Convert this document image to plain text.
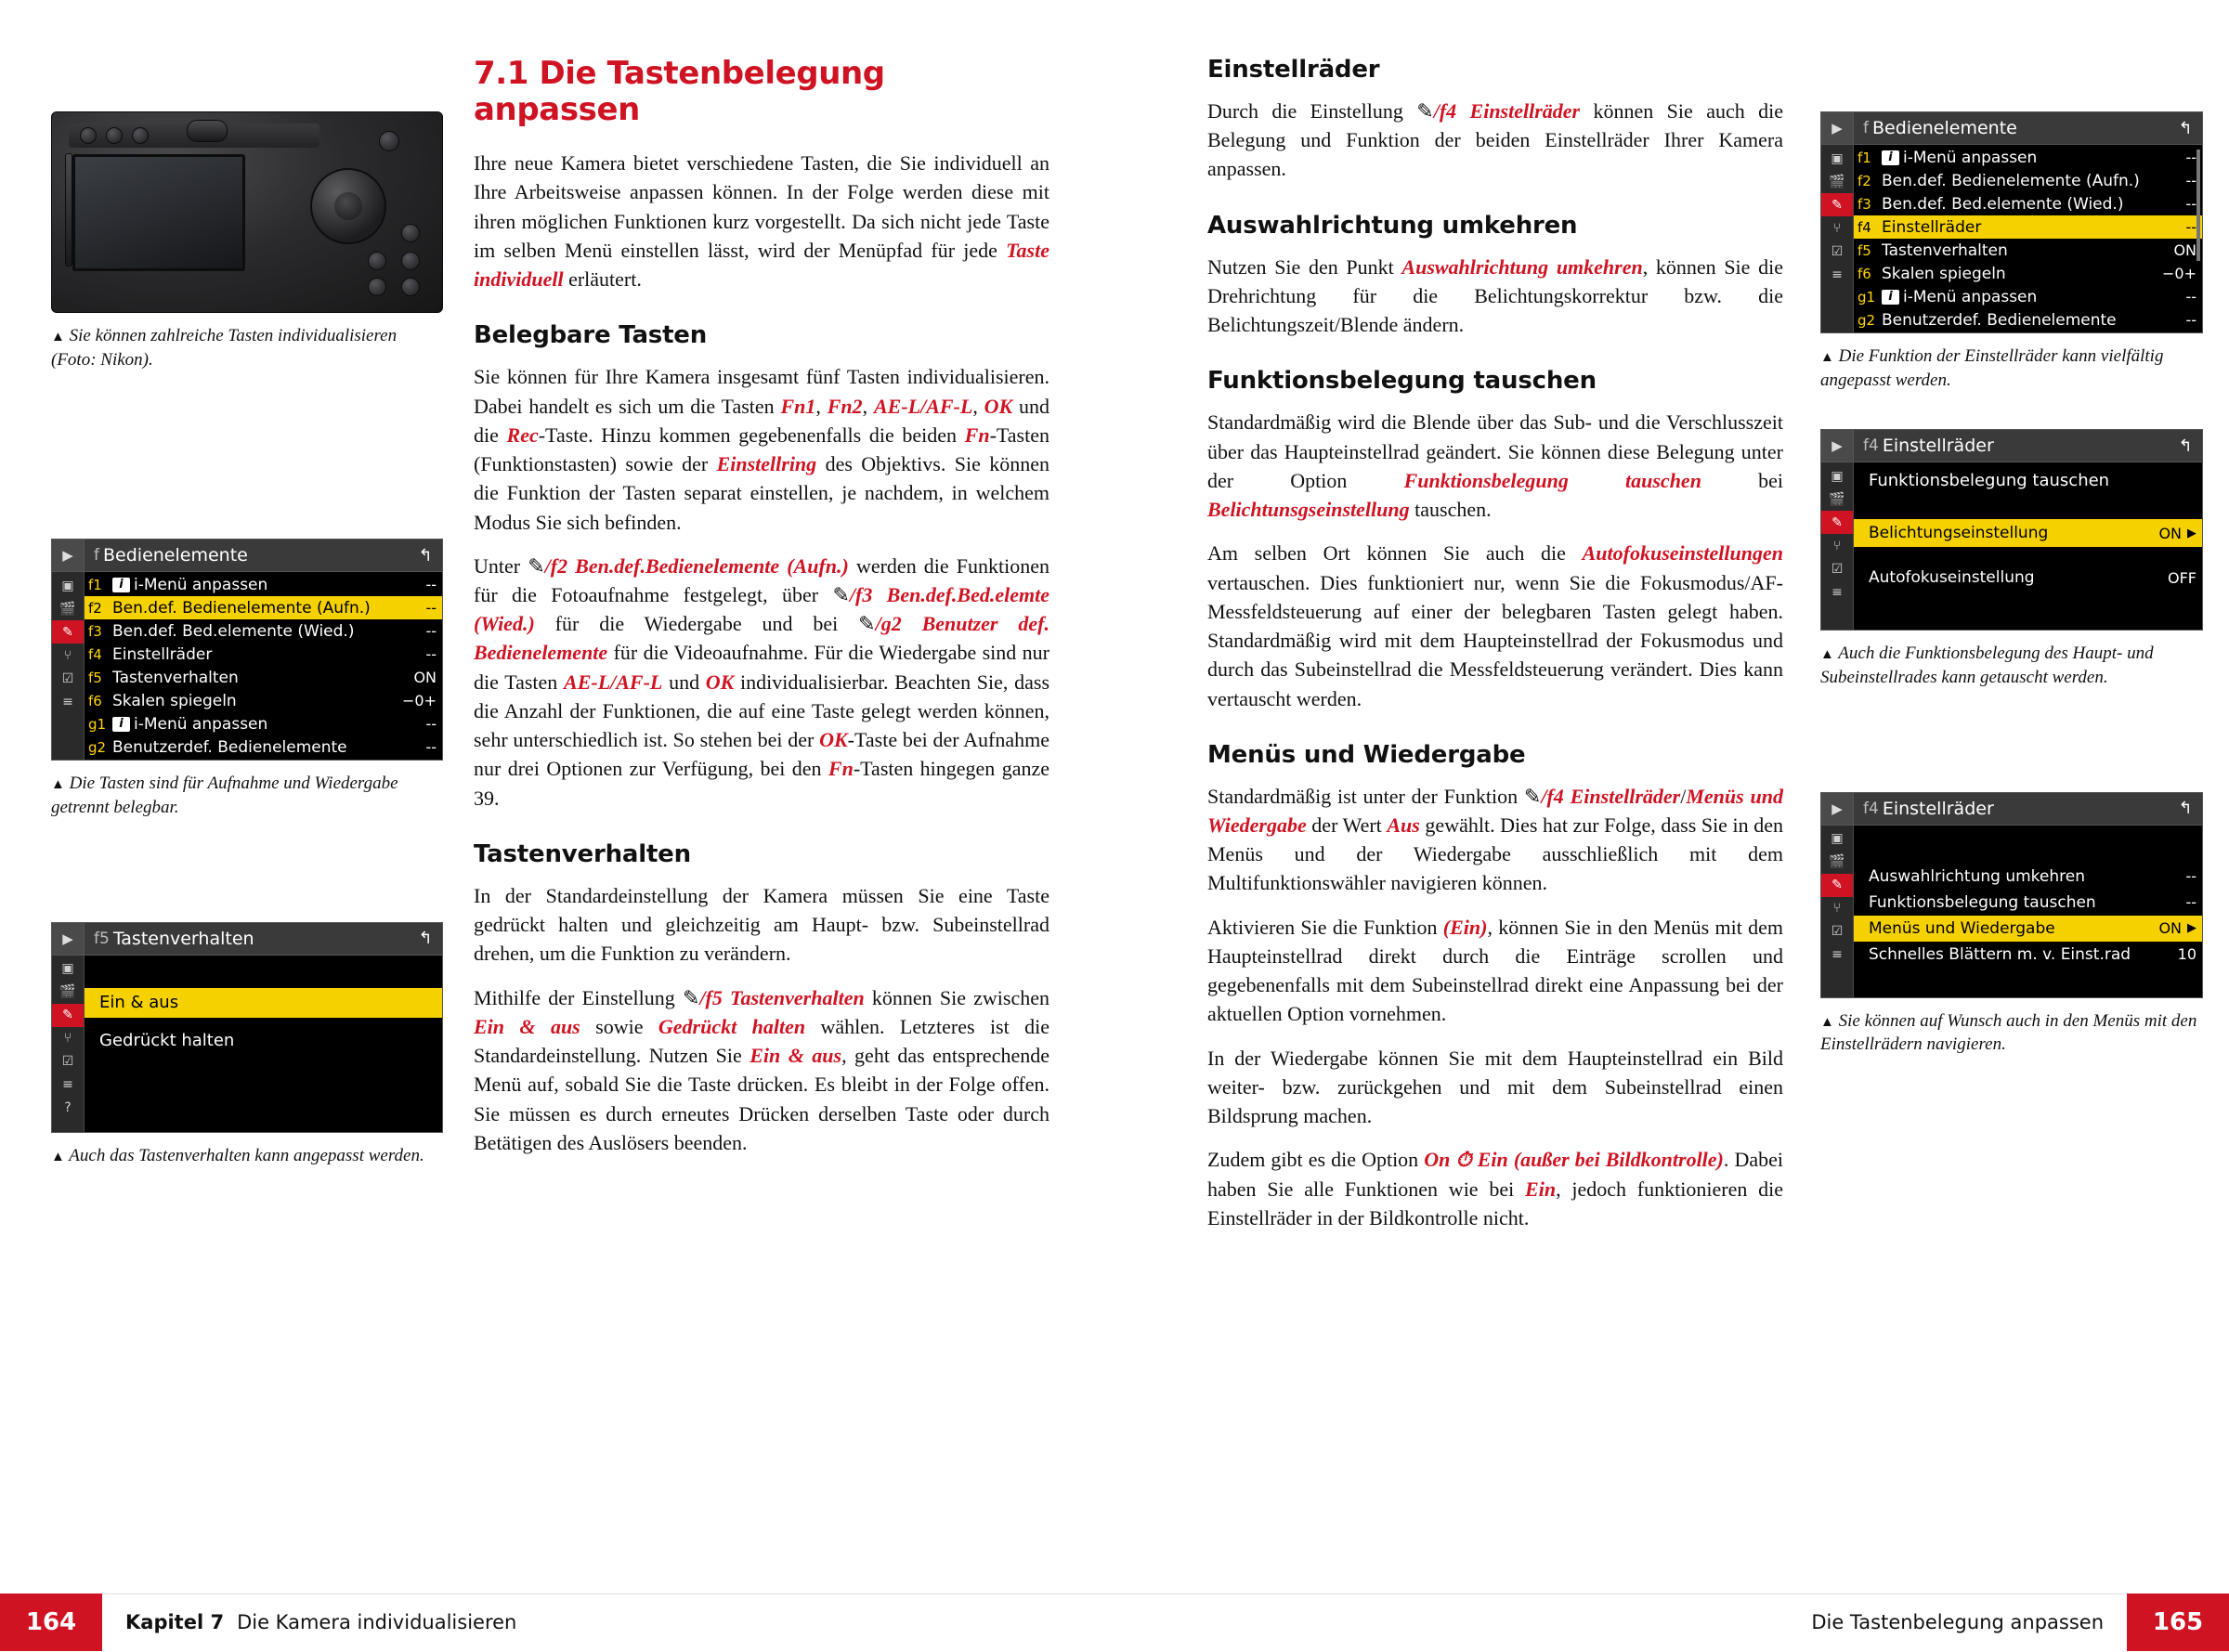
▲ Sie können zahlreiche Tasten individualisieren (Foto: Nikon).
▶	f Bedienelemente	↰
▣
🎬
✎
⑂
☑
≡
f1	i i-Menü anpassen	--
f2 Ben.def. Bedienelemente (Aufn.)	--
f3 Ben.def. Bed.elemente (Wied.)	--
f4 Einstellräder	--
f5 Tastenverhalten	ON
f6 Skalen spiegeln	−0+
g1	i i-Menü anpassen	--
g2 Benutzerdef. Bedienelemente	--
▲ Die Tasten sind für Aufnahme und Wiedergabe getrennt belegbar.
▶	f5 Tastenverhalten	↰
▣
🎬
✎
⑂
☑
≡
?
Ein & aus
Gedrückt halten
▲ Auch das Tastenverhalten kann angepasst werden.
7.1 Die Tastenbelegung anpassen

Ihre neue Kamera bietet verschiedene Tasten, die Sie individuell an Ihre Arbeitsweise anpassen können. In der Folge werden diese mit ihren möglichen Funktionen kurz vorgestellt. Da sich nicht jede Taste im selben Menü einstellen lässt, wird der Menüpfad für jede Taste individuell erläutert.

Belegbare Tasten

Sie können für Ihre Kamera insgesamt fünf Tasten individualisieren. Dabei handelt es sich um die Tasten Fn1, Fn2, AE-L/AF-L, OK und die Rec-Taste. Hinzu kommen gegebenenfalls die beiden Fn-Tasten (Funktionstasten) sowie der Einstellring des Objektivs. Sie können die Funktion der Tasten separat einstellen, je nachdem, in welchem Modus Sie sich befinden.

Unter ✎/f2 Ben.def.Bedienelemente (Aufn.) werden die Funktionen für die Fotoaufnahme festgelegt, über ✎/f3 Ben.def.Bed.elemte (Wied.) für die Wiedergabe und bei ✎/g2 Benutzer def. Bedienelemente für die Videoaufnahme. Für die Wiedergabe sind nur die Tasten AE-L/AF-L und OK individualisierbar. Beachten Sie, dass die Anzahl der Funktionen, die auf eine Taste gelegt werden können, sehr unterschiedlich ist. So stehen bei der OK-Taste bei der Aufnahme nur drei Optionen zur Verfügung, bei den Fn-Tasten hingegen ganze 39.

Tastenverhalten

In der Standardeinstellung der Kamera müssen Sie eine Taste gedrückt halten und gleichzeitig am Haupt- bzw. Subeinstellrad drehen, um die Funktion zu verändern.

Mithilfe der Einstellung ✎/f5 Tastenverhalten können Sie zwischen Ein & aus sowie Gedrückt halten wählen. Letzteres ist die Standardeinstellung. Nutzen Sie Ein & aus, geht das entsprechende Menü auf, sobald Sie die Taste drücken. Es bleibt in der Folge offen. Sie müssen es durch erneutes Drücken derselben Taste oder durch Betätigen des Auslösers beenden.

Einstellräder

Durch die Einstellung ✎/f4 Einstellräder können Sie auch die Belegung und Funktion der beiden Einstellräder Ihrer Kamera anpassen.

Auswahlrichtung umkehren

Nutzen Sie den Punkt Auswahlrichtung umkehren, können Sie die Drehrichtung für die Belichtungskorrektur bzw. die Belichtungszeit/Blende ändern.

Funktionsbelegung tauschen

Standardmäßig wird die Blende über das Sub- und die Verschlusszeit über das Haupteinstellrad geändert. Sie können diese Belegung unter der Option Funktionsbelegung tauschen bei Belichtunsgseinstellung tauschen.

Am selben Ort können Sie auch die Autofokuseinstellungen vertauschen. Dies funktioniert nur, wenn Sie die Fokusmodus/AF-Messfeldsteuerung auf einer der belegbaren Tasten gelegt haben. Standardmäßig wird mit dem Haupteinstellrad der Fokusmodus und durch das Subeinstellrad die Messfeldsteuerung verändert. Dies kann vertauscht werden.

Menüs und Wiedergabe

Standardmäßig ist unter der Funktion ✎/f4 Einstellräder/Menüs und Wiedergabe der Wert Aus gewählt. Dies hat zur Folge, dass Sie in den Menüs und der Wiedergabe ausschließlich mit dem Multifunktionswähler navigieren können.

Aktivieren Sie die Funktion (Ein), können Sie in den Menüs mit dem Haupteinstellrad direkt durch die Einträge scrollen und gegebenenfalls mit dem Subeinstellrad direkt eine Anpassung bei der aktuellen Option vornehmen.

In der Wiedergabe können Sie mit dem Haupteinstellrad ein Bild weiter- bzw. zurückgehen und mit dem Subeinstellrad einen Bildsprung machen.

Zudem gibt es die Option On ⏱ Ein (außer bei Bildkontrolle). Dabei haben Sie alle Funktionen wie bei Ein, jedoch funktionieren die Einstellräder in der Bildkontrolle nicht.

▶	f Bedienelemente	↰
▣
🎬
✎
⑂
☑
≡
f1	i i-Menü anpassen	--
f2 Ben.def. Bedienelemente (Aufn.)	--
f3 Ben.def. Bed.elemente (Wied.)	--
f4 Einstellräder	--
f5 Tastenverhalten	ON
f6 Skalen spiegeln	−0+
g1	i i-Menü anpassen	--
g2 Benutzerdef. Bedienelemente	--
▲ Die Funktion der Einstellräder kann vielfältig angepasst werden.
▶	f4 Einstellräder	↰
▣
🎬
✎
⑂
☑
≡
Funktionsbelegung tauschen
Belichtungseinstellung	ON ▶
Autofokuseinstellung	OFF
▲ Auch die Funktionsbelegung des Haupt- und Subeinstellrades kann getauscht werden.
▶	f4 Einstellräder	↰
▣
🎬
✎
⑂
☑
≡
Auswahlrichtung umkehren	--
Funktionsbelegung tauschen	--
Menüs und Wiedergabe	ON ▶
Schnelles Blättern m. v. Einst.rad	10
▲ Sie können auf Wunsch auch in den Menüs mit den Einstellrädern navigieren.
164	Kapitel 7 Die Kamera individualisieren	Die Tastenbelegung anpassen	165
